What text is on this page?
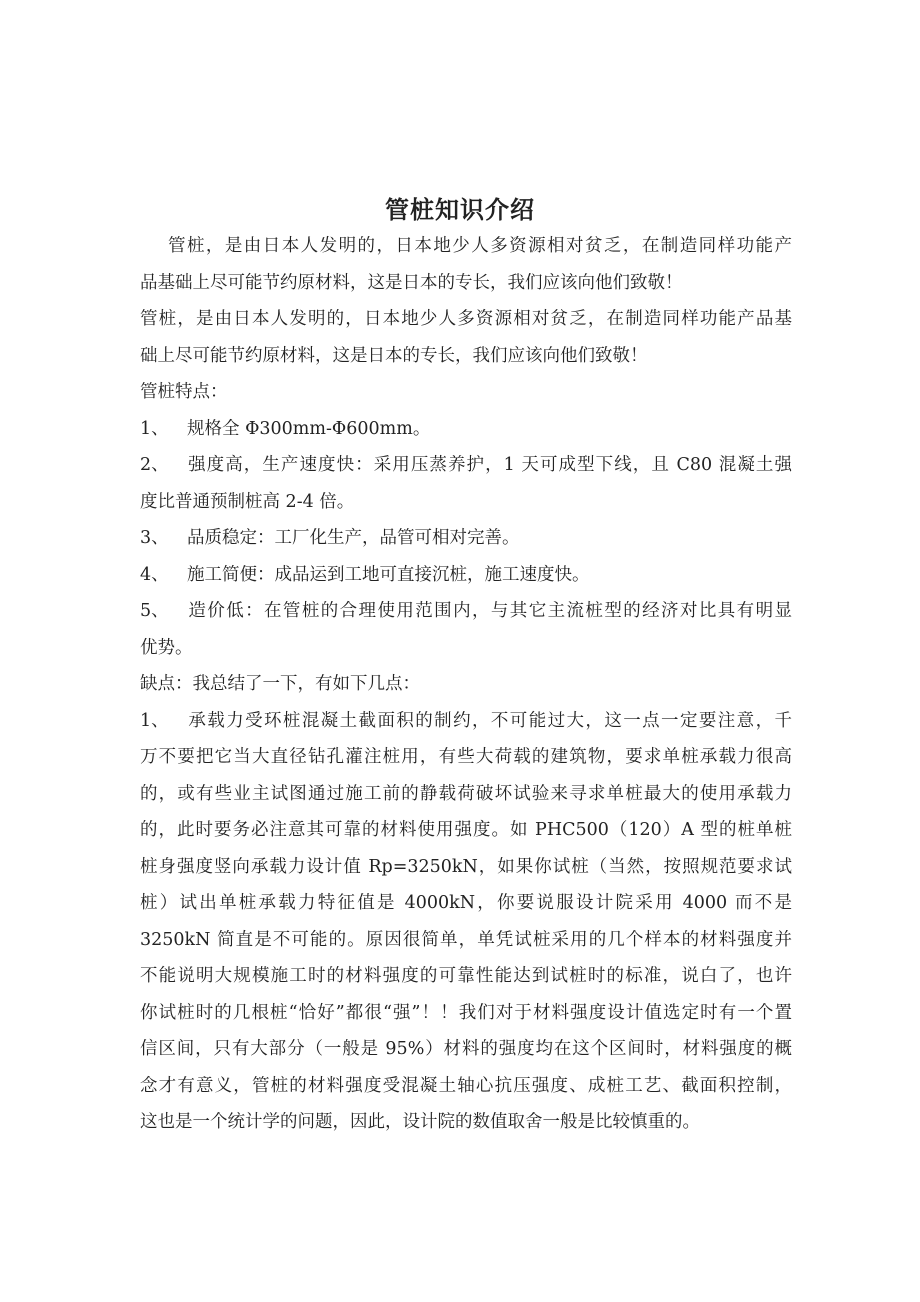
管桩知识介绍
管桩，是由日本人发明的，日本地少人多资源相对贫乏，在制造同样功能产
品基础上尽可能节约原材料，这是日本的专长，我们应该向他们致敬！
管桩，是由日本人发明的，日本地少人多资源相对贫乏，在制造同样功能产品基
础上尽可能节约原材料，这是日本的专长，我们应该向他们致敬！
管桩特点：
1、 规格全 Φ300mm-Φ600mm。
2、 强度高，生产速度快：采用压蒸养护，1 天可成型下线，且 C80 混凝土强
度比普通预制桩高 2-4 倍。
3、 品质稳定：工厂化生产，品管可相对完善。
4、 施工简便：成品运到工地可直接沉桩，施工速度快。
5、 造价低：在管桩的合理使用范围内，与其它主流桩型的经济对比具有明显
优势。
缺点：我总结了一下，有如下几点：
1、 承载力受环桩混凝土截面积的制约，不可能过大，这一点一定要注意，千
万不要把它当大直径钻孔灌注桩用，有些大荷载的建筑物，要求单桩承载力很高
的，或有些业主试图通过施工前的静载荷破坏试验来寻求单桩最大的使用承载力
的，此时要务必注意其可靠的材料使用强度。如 PHC500（120）A 型的桩单桩
桩身强度竖向承载力设计值 Rp=3250kN，如果你试桩（当然，按照规范要求试
桩）试出单桩承载力特征值是 4000kN，你要说服设计院采用 4000 而不是
3250kN 简直是不可能的。原因很简单，单凭试桩采用的几个样本的材料强度并
不能说明大规模施工时的材料强度的可靠性能达到试桩时的标准，说白了，也许
你试桩时的几根桩“恰好”都很“强”！！我们对于材料强度设计值选定时有一个置
信区间，只有大部分（一般是 95%）材料的强度均在这个区间时，材料强度的概
念才有意义，管桩的材料强度受混凝土轴心抗压强度、成桩工艺、截面积控制，
这也是一个统计学的问题，因此，设计院的数值取舍一般是比较慎重的。
